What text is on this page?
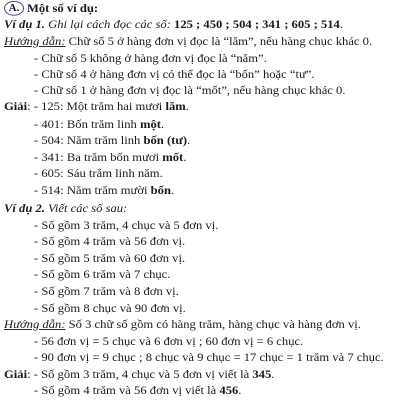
A. Một số ví dụ:
Ví dụ 1. Ghi lại cách đọc các số: 125 ; 450 ; 504 ; 341 ; 605 ; 514.
Hướng dẫn: Chữ số 5 ở hàng đơn vị đọc là “lăm”, nếu hàng chục khác 0.
- Chữ số 5 không ở hàng đơn vị đọc là “năm”.
- Chữ số 4 ở hàng đơn vị có thể đọc là “bốn” hoặc “tư”.
- Chữ số 1 ở hàng đơn vị đọc là “mốt”, nếu hàng chục khác 0.
Giải: - 125: Một trăm hai mươi lăm.
- 401: Bốn trăm linh một.
- 504: Năm trăm linh bốn (tư).
- 341: Ba trăm bốn mươi mốt.
- 605: Sáu trăm linh năm.
- 514: Năm trăm mười bốn.
Ví dụ 2. Viết các số sau:
- Số gồm 3 trăm, 4 chục và 5 đơn vị.
- Số gồm 4 trăm và 56 đơn vị.
- Số gồm 5 trăm và 60 đơn vị.
- Số gồm 6 trăm và 7 chục.
- Số gồm 7 trăm và 8 đơn vị.
- Số gồm 8 chục và 90 đơn vị.
Hướng dẫn: Số 3 chữ số gồm có hàng trăm, hàng chục và hàng đơn vị.
- 56 đơn vị = 5 chục và 6 đơn vị ; 60 đơn vị = 6 chục.
- 90 đơn vị = 9 chục ; 8 chục và 9 chục = 17 chục = 1 trăm và 7 chục.
Giải: - Số gồm 3 trăm, 4 chục và 5 đơn vị viết là 345.
- Số gồm 4 trăm và 56 đơn vị viết là 456.
